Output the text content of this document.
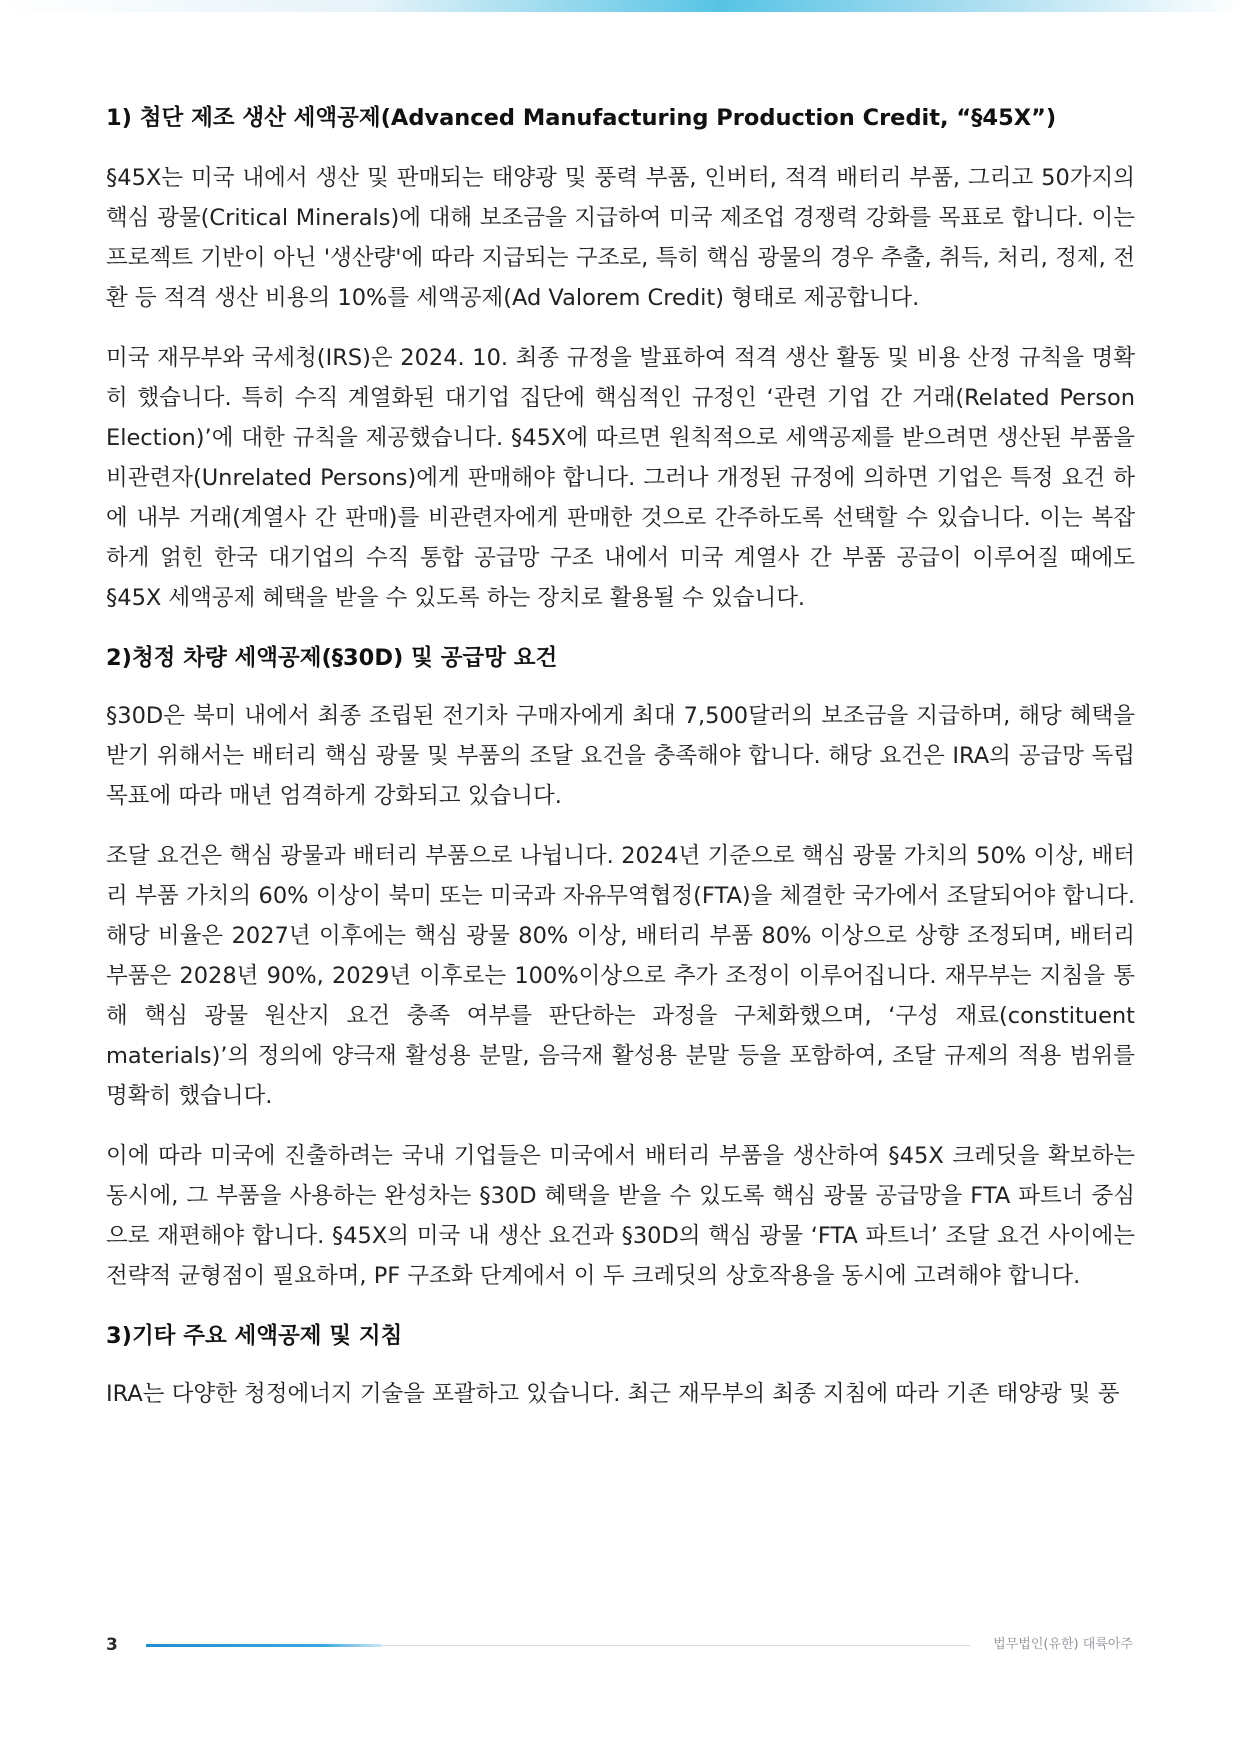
1) 첨단 제조 생산 세액공제(Advanced Manufacturing Production Credit, “§45X”)

§45X는 미국 내에서 생산 및 판매되는 태양광 및 풍력 부품, 인버터, 적격 배터리 부품, 그리고 50가지의 핵심 광물(Critical Minerals)에 대해 보조금을 지급하여 미국 제조업 경쟁력 강화를 목표로 합니다. 이는 프로젝트 기반이 아닌 '생산량'에 따라 지급되는 구조로, 특히 핵심 광물의 경우 추출, 취득, 처리, 정제, 전환 등 적격 생산 비용의 10%를 세액공제(Ad Valorem Credit) 형태로 제공합니다.

미국 재무부와 국세청(IRS)은 2024. 10. 최종 규정을 발표하여 적격 생산 활동 및 비용 산정 규칙을 명확히 했습니다. 특히 수직 계열화된 대기업 집단에 핵심적인 규정인 ‘관련 기업 간 거래(Related Person Election)’에 대한 규칙을 제공했습니다. §45X에 따르면 원칙적으로 세액공제를 받으려면 생산된 부품을 비관련자(Unrelated Persons)에게 판매해야 합니다. 그러나 개정된 규정에 의하면 기업은 특정 요건 하에 내부 거래(계열사 간 판매)를 비관련자에게 판매한 것으로 간주하도록 선택할 수 있습니다. 이는 복잡하게 얽힌 한국 대기업의 수직 통합 공급망 구조 내에서 미국 계열사 간 부품 공급이 이루어질 때에도 §45X 세액공제 혜택을 받을 수 있도록 하는 장치로 활용될 수 있습니다.

2)청정 차량 세액공제(§30D) 및 공급망 요건

§30D은 북미 내에서 최종 조립된 전기차 구매자에게 최대 7,500달러의 보조금을 지급하며, 해당 혜택을 받기 위해서는 배터리 핵심 광물 및 부품의 조달 요건을 충족해야 합니다. 해당 요건은 IRA의 공급망 독립 목표에 따라 매년 엄격하게 강화되고 있습니다.

조달 요건은 핵심 광물과 배터리 부품으로 나뉩니다. 2024년 기준으로 핵심 광물 가치의 50% 이상, 배터리 부품 가치의 60% 이상이 북미 또는 미국과 자유무역협정(FTA)을 체결한 국가에서 조달되어야 합니다. 해당 비율은 2027년 이후에는 핵심 광물 80% 이상, 배터리 부품 80% 이상으로 상향 조정되며, 배터리 부품은 2028년 90%, 2029년 이후로는 100%이상으로 추가 조정이 이루어집니다. 재무부는 지침을 통해 핵심 광물 원산지 요건 충족 여부를 판단하는 과정을 구체화했으며, ‘구성 재료(constituent materials)’의 정의에 양극재 활성용 분말, 음극재 활성용 분말 등을 포함하여, 조달 규제의 적용 범위를 명확히 했습니다.

이에 따라 미국에 진출하려는 국내 기업들은 미국에서 배터리 부품을 생산하여 §45X 크레딧을 확보하는 동시에, 그 부품을 사용하는 완성차는 §30D 혜택을 받을 수 있도록 핵심 광물 공급망을 FTA 파트너 중심으로 재편해야 합니다. §45X의 미국 내 생산 요건과 §30D의 핵심 광물 ‘FTA 파트너’ 조달 요건 사이에는 전략적 균형점이 필요하며, PF 구조화 단계에서 이 두 크레딧의 상호작용을 동시에 고려해야 합니다.

3)기타 주요 세액공제 및 지침

IRA는 다양한 청정에너지 기술을 포괄하고 있습니다. 최근 재무부의 최종 지침에 따라 기존 태양광 및 풍

3	법무법인(유한) 대륙아주
